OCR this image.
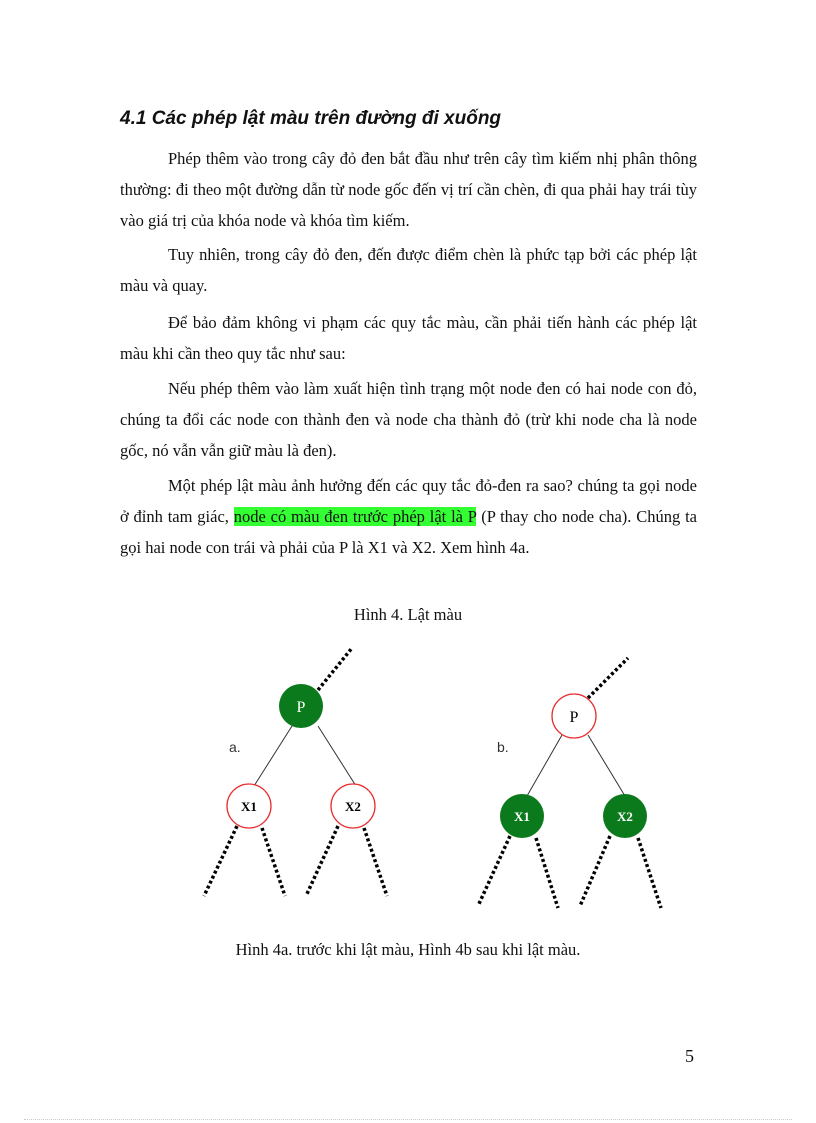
4.1 Các phép lật màu trên đường đi xuống

Phép thêm vào trong cây đỏ đen bắt đầu như trên cây tìm kiếm nhị phân thông thường: đi theo một đường dẫn từ node gốc đến vị trí cần chèn, đi qua phải hay trái tùy vào giá trị của khóa node và khóa tìm kiếm.

Tuy nhiên, trong cây đỏ đen, đến được điểm chèn là phức tạp bởi các phép lật màu và quay.

Để bảo đảm không vi phạm các quy tắc màu, cần phải tiến hành các phép lật màu khi cần theo quy tắc như sau:

Nếu phép thêm vào làm xuất hiện tình trạng một node đen có hai node con đỏ, chúng ta đổi các node con thành đen và node cha thành đỏ (trừ khi node cha là node gốc, nó vẫn vẫn giữ màu là đen).

Một phép lật màu ảnh hưởng đến các quy tắc đỏ-đen ra sao? chúng ta gọi node ở đỉnh tam giác, node có màu đen trước phép lật là P (P thay cho node cha). Chúng ta gọi hai node con trái và phải của P là X1 và X2. Xem hình 4a.

Hình 4. Lật màu

P
X1	X2
a.
P
X1	X2
b.

Hình 4a. trước khi lật màu, Hình 4b sau khi lật màu.

5
